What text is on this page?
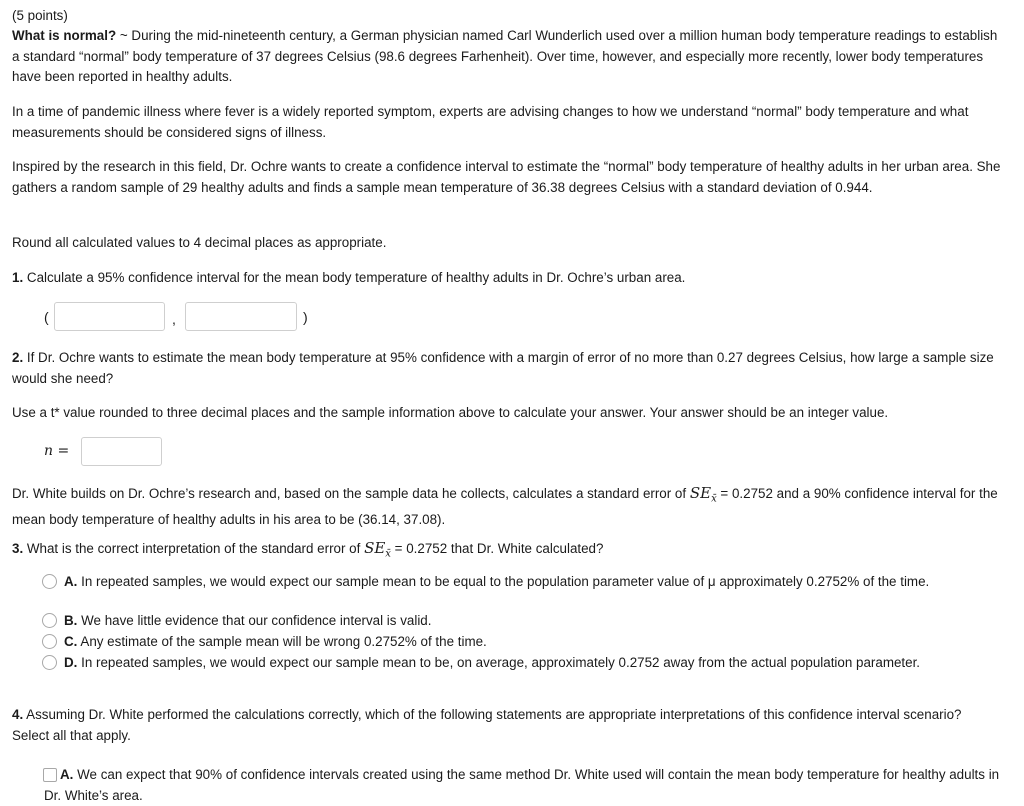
(5 points)

What is normal? ~ During the mid-nineteenth century, a German physician named Carl Wunderlich used over a million human body temperature readings to establish a standard “normal” body temperature of 37 degrees Celsius (98.6 degrees Farhenheit). Over time, however, and especially more recently, lower body temperatures have been reported in healthy adults.

In a time of pandemic illness where fever is a widely reported symptom, experts are advising changes to how we understand “normal” body temperature and what measurements should be considered signs of illness.

Inspired by the research in this field, Dr. Ochre wants to create a confidence interval to estimate the “normal” body temperature of healthy adults in her urban area. She gathers a random sample of 29 healthy adults and finds a sample mean temperature of 36.38 degrees Celsius with a standard deviation of 0.944.

Round all calculated values to 4 decimal places as appropriate.

1. Calculate a 95% confidence interval for the mean body temperature of healthy adults in Dr. Ochre’s urban area.

(	,	)

2. If Dr. Ochre wants to estimate the mean body temperature at 95% confidence with a margin of error of no more than 0.27 degrees Celsius, how large a sample size would she need?

Use a t* value rounded to three decimal places and the sample information above to calculate your answer. Your answer should be an integer value.

n =

Dr. White builds on Dr. Ochre’s research and, based on the sample data he collects, calculates a standard error of $SE_{x̄} = 0.2752$ and a 90% confidence interval for the mean body temperature of healthy adults in his area to be (36.14, 37.08).

3. What is the correct interpretation of the standard error of $SE_{x̄} = 0.2752$ that Dr. White calculated?

A. In repeated samples, we would expect our sample mean to be equal to the population parameter value of μ approximately 0.2752% of the time.
B. We have little evidence that our confidence interval is valid.
C. Any estimate of the sample mean will be wrong 0.2752% of the time.
D. In repeated samples, we would expect our sample mean to be, on average, approximately 0.2752 away from the actual population parameter.

4. Assuming Dr. White performed the calculations correctly, which of the following statements are appropriate interpretations of this confidence interval scenario? Select all that apply.

A. We can expect that 90% of confidence intervals created using the same method Dr. White used will contain the mean body temperature for healthy adults in Dr. White’s area.
